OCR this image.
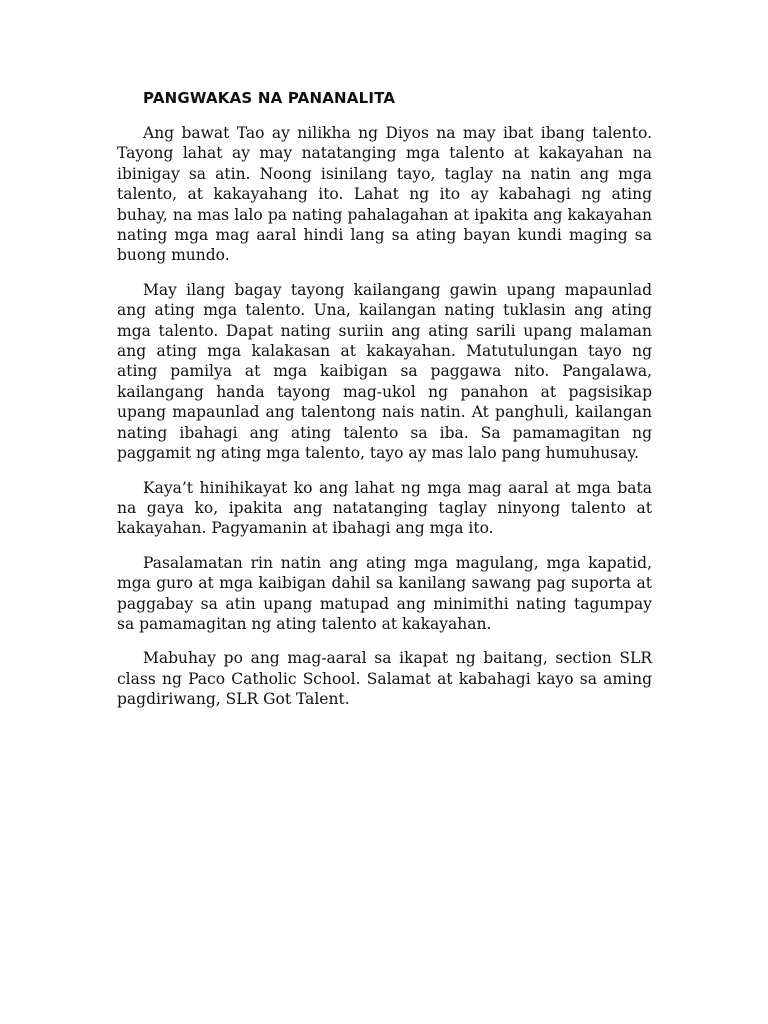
PANGWAKAS NA PANANALITA

Ang bawat Tao ay nilikha ng Diyos na may ibat ibang talento. Tayong lahat ay may natatanging mga talento at kakayahan na ibinigay sa atin. Noong isinilang tayo, taglay na natin ang mga talento, at kakayahang ito. Lahat ng ito ay kabahagi ng ating buhay, na mas lalo pa nating pahalagahan at ipakita ang kakayahan nating mga mag aaral hindi lang sa ating bayan kundi maging sa buong mundo.

May ilang bagay tayong kailangang gawin upang mapaunlad ang ating mga talento. Una, kailangan nating tuklasin ang ating mga talento. Dapat nating suriin ang ating sarili upang malaman ang ating mga kalakasan at kakayahan. Matutulungan tayo ng ating pamilya at mga kaibigan sa paggawa nito. Pangalawa, kailangang handa tayong mag-ukol ng panahon at pagsisikap upang mapaunlad ang talentong nais natin. At panghuli, kailangan nating ibahagi ang ating talento sa iba. Sa pamamagitan ng paggamit ng ating mga talento, tayo ay mas lalo pang humuhusay.

Kaya’t hinihikayat ko ang lahat ng mga mag aaral at mga bata na gaya ko, ipakita ang natatanging taglay ninyong talento at kakayahan. Pagyamanin at ibahagi ang mga ito.

Pasalamatan rin natin ang ating mga magulang, mga kapatid, mga guro at mga kaibigan dahil sa kanilang sawang pag suporta at paggabay sa atin upang matupad ang minimithi nating tagumpay sa pamamagitan ng ating talento at kakayahan.

Mabuhay po ang mag-aaral sa ikapat ng baitang, section SLR class ng Paco Catholic School. Salamat at kabahagi kayo sa aming pagdiriwang, SLR Got Talent.
